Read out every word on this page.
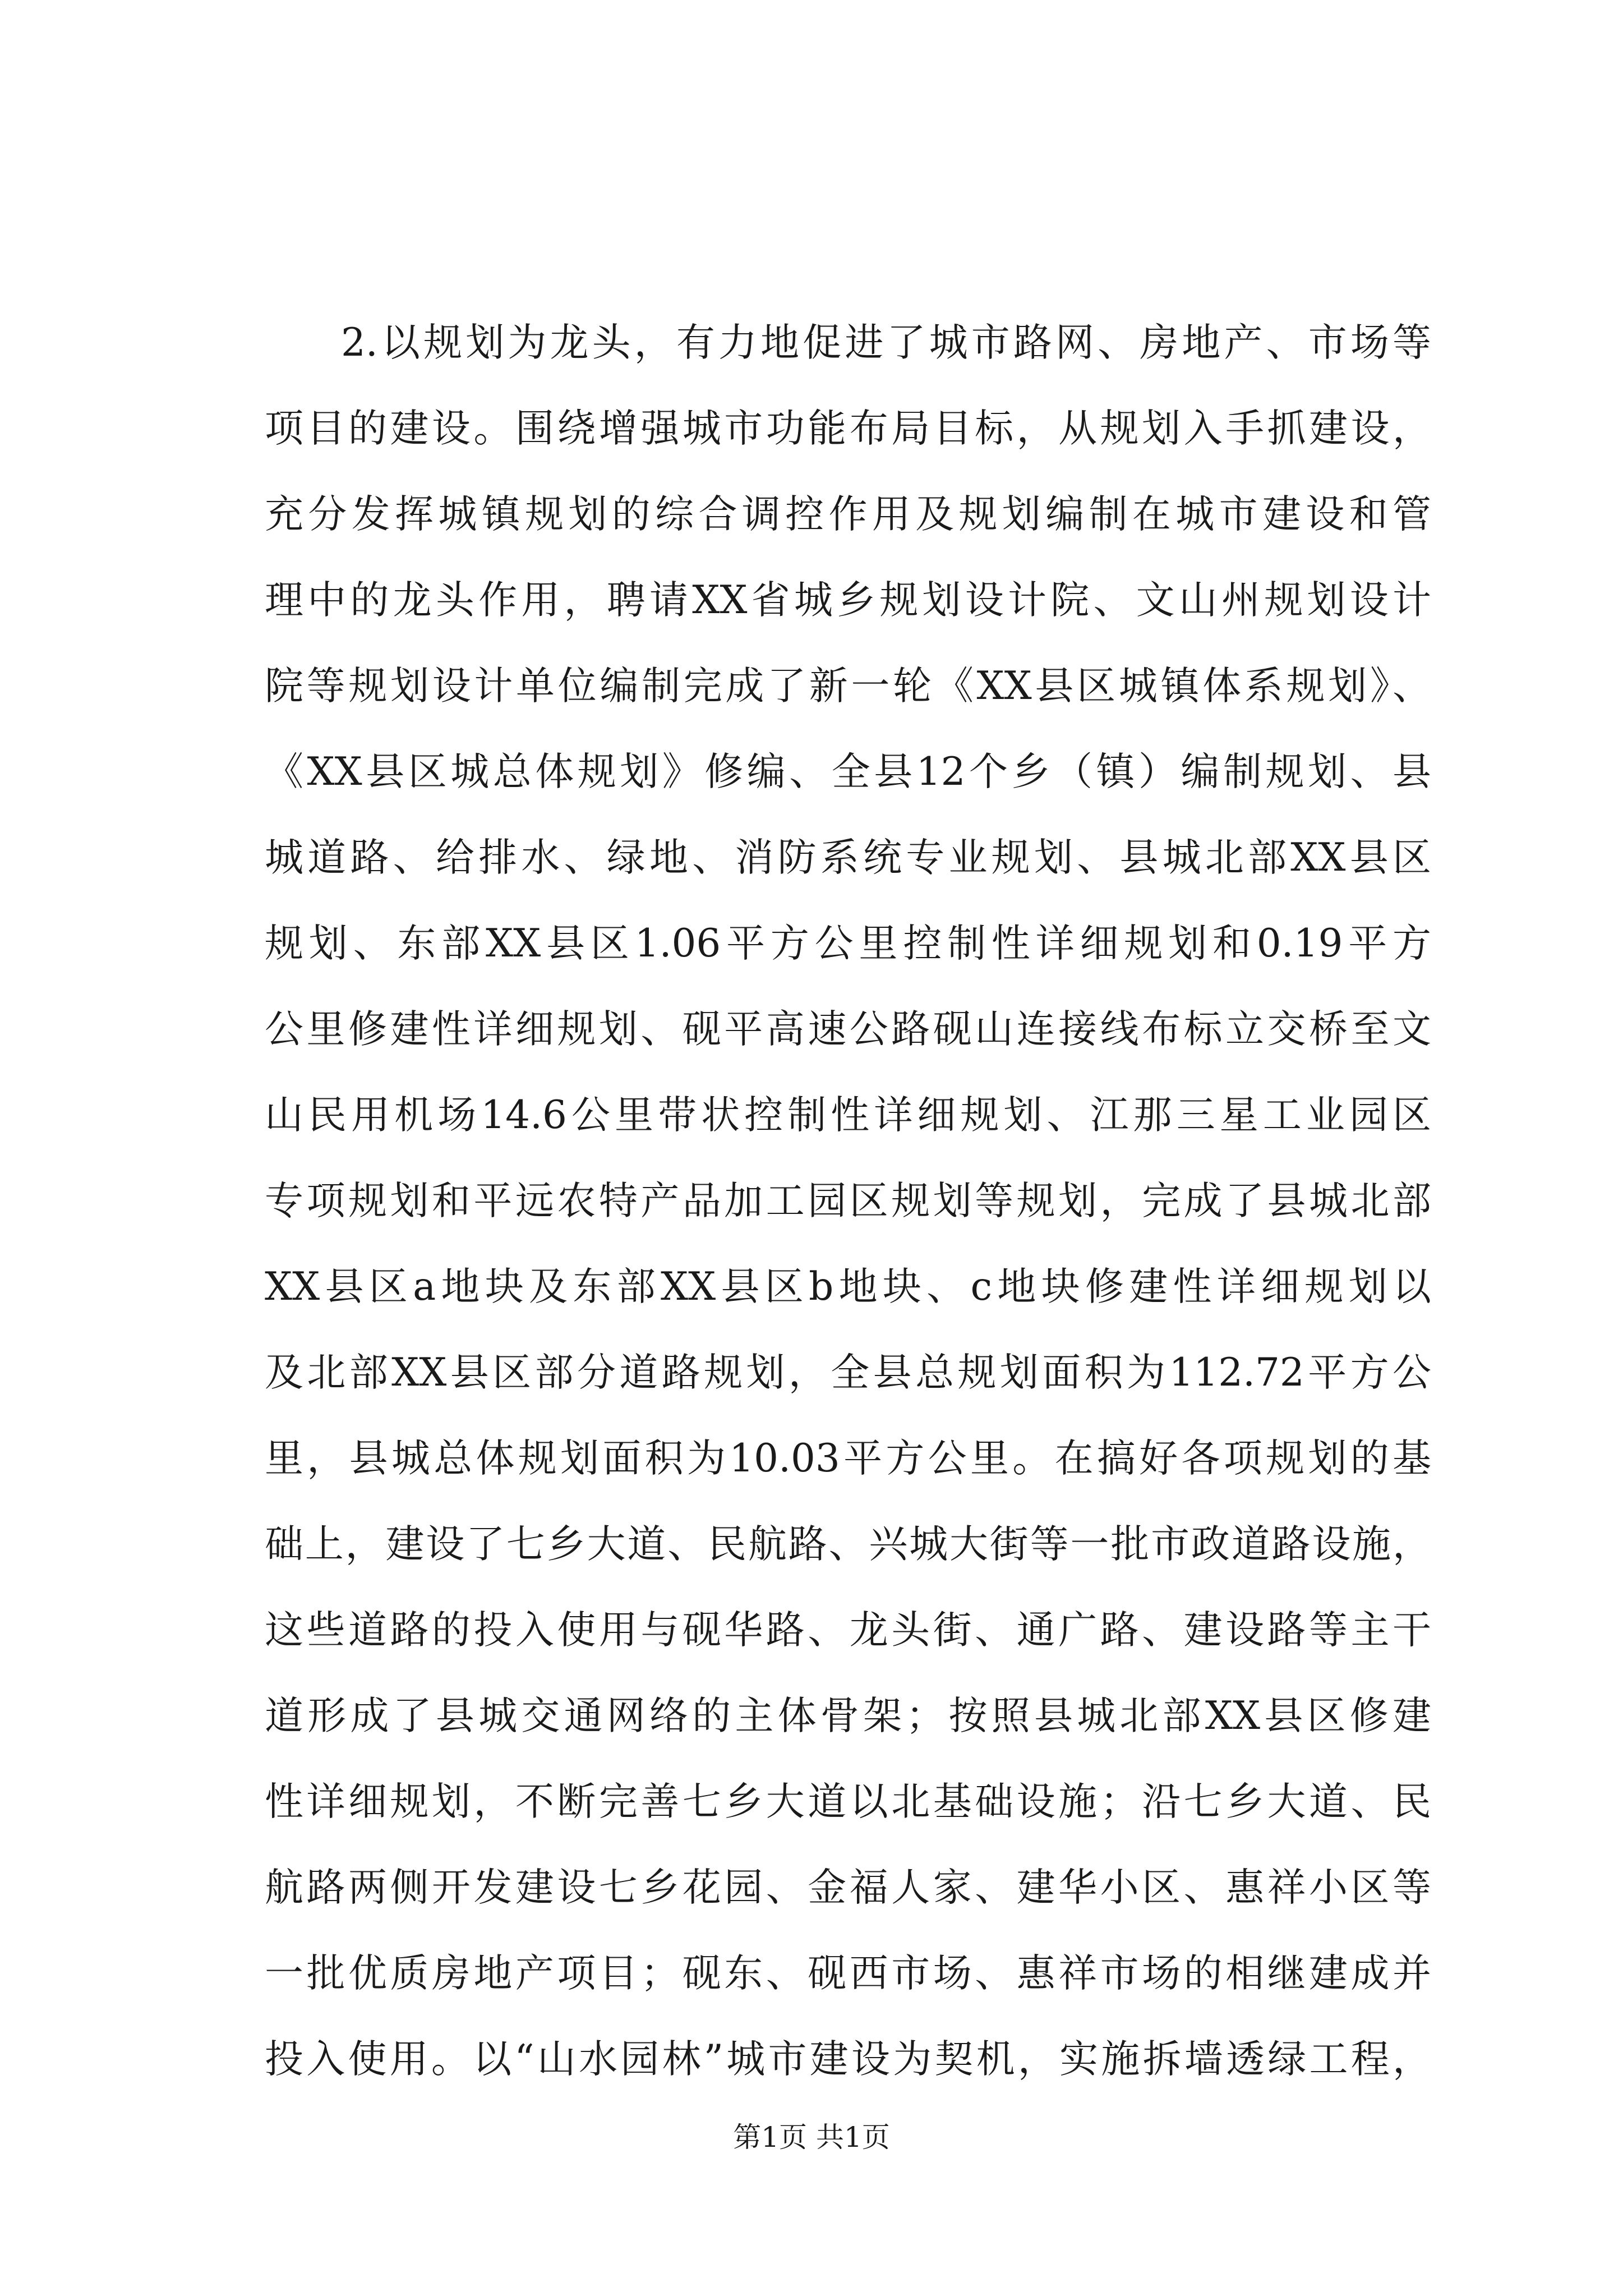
2.以规划为龙头，有力地促进了城市路网、房地产、市场等
项目的建设。围绕增强城市功能布局目标，从规划入手抓建设，
充分发挥城镇规划的综合调控作用及规划编制在城市建设和管
理中的龙头作用，聘请XX省城乡规划设计院、文山州规划设计
院等规划设计单位编制完成了新一轮《XX县区城镇体系规划》、
《XX县区城总体规划》修编、全县12个乡（镇）编制规划、县
城道路、给排水、绿地、消防系统专业规划、县城北部XX县区
规划、东部XX县区1.06平方公里控制性详细规划和0.19平方
公里修建性详细规划、砚平高速公路砚山连接线布标立交桥至文
山民用机场14.6公里带状控制性详细规划、江那三星工业园区
专项规划和平远农特产品加工园区规划等规划，完成了县城北部
XX县区a地块及东部XX县区b地块、c地块修建性详细规划以
及北部XX县区部分道路规划，全县总规划面积为112.72平方公
里，县城总体规划面积为10.03平方公里。在搞好各项规划的基
础上，建设了七乡大道、民航路、兴城大街等一批市政道路设施，
这些道路的投入使用与砚华路、龙头街、通广路、建设路等主干
道形成了县城交通网络的主体骨架；按照县城北部XX县区修建
性详细规划，不断完善七乡大道以北基础设施；沿七乡大道、民
航路两侧开发建设七乡花园、金福人家、建华小区、惠祥小区等
一批优质房地产项目；砚东、砚西市场、惠祥市场的相继建成并
投入使用。以“山水园林”城市建设为契机，实施拆墙透绿工程，
第1页 共1页
